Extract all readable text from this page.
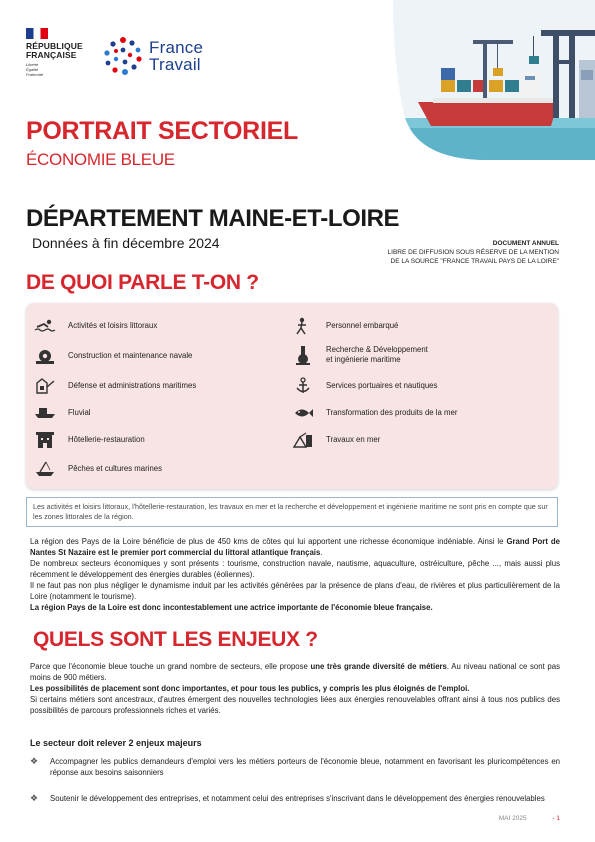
RÉPUBLIQUE
FRANÇAISE
Liberté
Égalité
Fraternité
France
Travail
PORTRAIT SECTORIEL
ÉCONOMIE BLEUE
DÉPARTEMENT MAINE-ET-LOIRE
Données à fin décembre 2024	DOCUMENT ANNUEL
LIBRE DE DIFFUSION SOUS RÉSERVE DE LA MENTION
DE LA SOURCE "FRANCE TRAVAIL PAYS DE LA LOIRE"
DE QUOI PARLE T-ON ?
Activités et loisirs littoraux
Construction et maintenance navale
Défense et administrations maritimes
Fluvial
Hôtellerie-restauration
Pêches et cultures marines
Personnel embarqué
Recherche & Développement
et ingénierie maritime
Services portuaires et nautiques
Transformation des produits de la mer
Travaux en mer
Les activités et loisirs littoraux, l'hôtellerie-restauration, les travaux en mer et la recherche et développement et ingénierie maritime ne sont pris en compte que sur les zones littorales de la région.
La région des Pays de la Loire bénéficie de plus de 450 kms de côtes qui lui apportent une richesse économique indéniable. Ainsi le Grand Port de Nantes St Nazaire est le premier port commercial du littoral atlantique français.
De nombreux secteurs économiques y sont présents : tourisme, construction navale, nautisme, aquaculture, ostréiculture, pêche ..., mais aussi plus récemment le développement des énergies durables (éoliennes).
Il ne faut pas non plus négliger le dynamisme induit par les activités générées par la présence de plans d'eau, de rivières et plus particulièrement de la Loire (notamment le tourisme).
La région Pays de la Loire est donc incontestablement une actrice importante de l'économie bleue française.
QUELS SONT LES ENJEUX ?
Parce que l'économie bleue touche un grand nombre de secteurs, elle propose une très grande diversité de métiers. Au niveau national ce sont pas moins de 900 métiers.
Les possibilités de placement sont donc importantes, et pour tous les publics, y compris les plus éloignés de l'emploi.
Si certains métiers sont ancestraux, d'autres émergent des nouvelles technologies liées aux énergies renouvelables offrant ainsi à tous nos publics des possibilités de parcours professionnels riches et variés.
Le secteur doit relever 2 enjeux majeurs
❖	Accompagner les publics demandeurs d'emploi vers les métiers porteurs de l'économie bleue, notamment en favorisant les pluricompétences en réponse aux besoins saisonniers
❖	Soutenir le développement des entreprises, et notamment celui des entreprises s'inscrivant dans le développement des énergies renouvelables
MAI 2025	- 1
